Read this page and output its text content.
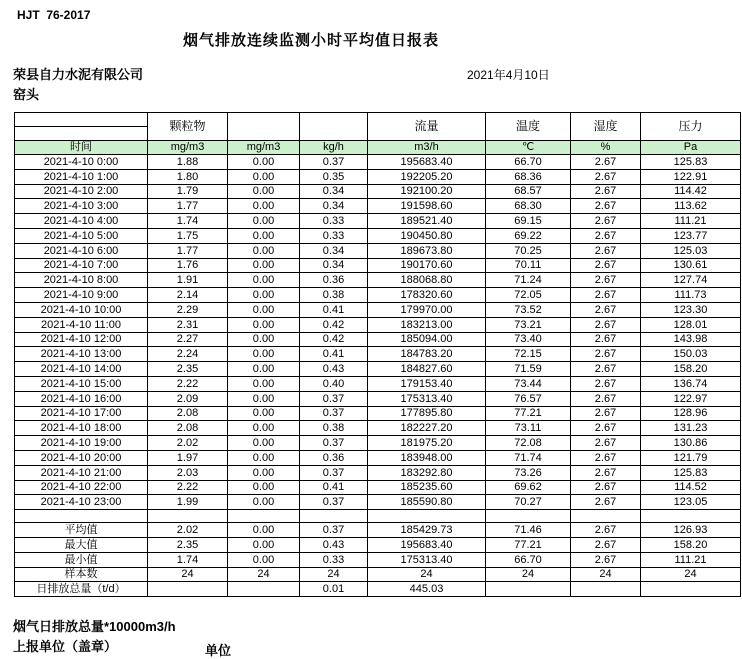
HJT  76-2017
烟气排放连续监测小时平均值日报表
荣县自力水泥有限公司	2021年4月10日
窑头
	颗粒物			流量	温度	湿度	压力
时间	mg/m3	mg/m3	kg/h	m3/h	℃	%	Pa
2021-4-10 0:00	1.88	0.00	0.37	195683.40	66.70	2.67	125.83
2021-4-10 1:00	1.80	0.00	0.35	192205.20	68.36	2.67	122.91
2021-4-10 2:00	1.79	0.00	0.34	192100.20	68.57	2.67	114.42
2021-4-10 3:00	1.77	0.00	0.34	191598.60	68.30	2.67	113.62
2021-4-10 4:00	1.74	0.00	0.33	189521.40	69.15	2.67	111.21
2021-4-10 5:00	1.75	0.00	0.33	190450.80	69.22	2.67	123.77
2021-4-10 6:00	1.77	0.00	0.34	189673.80	70.25	2.67	125.03
2021-4-10 7:00	1.76	0.00	0.34	190170.60	70.11	2.67	130.61
2021-4-10 8:00	1.91	0.00	0.36	188068.80	71.24	2.67	127.74
2021-4-10 9:00	2.14	0.00	0.38	178320.60	72.05	2.67	111.73
2021-4-10 10:00	2.29	0.00	0.41	179970.00	73.52	2.67	123.30
2021-4-10 11:00	2.31	0.00	0.42	183213.00	73.21	2.67	128.01
2021-4-10 12:00	2.27	0.00	0.42	185094.00	73.40	2.67	143.98
2021-4-10 13:00	2.24	0.00	0.41	184783.20	72.15	2.67	150.03
2021-4-10 14:00	2.35	0.00	0.43	184827.60	71.59	2.67	158.20
2021-4-10 15:00	2.22	0.00	0.40	179153.40	73.44	2.67	136.74
2021-4-10 16:00	2.09	0.00	0.37	175313.40	76.57	2.67	122.97
2021-4-10 17:00	2.08	0.00	0.37	177895.80	77.21	2.67	128.96
2021-4-10 18:00	2.08	0.00	0.38	182227.20	73.11	2.67	131.23
2021-4-10 19:00	2.02	0.00	0.37	181975.20	72.08	2.67	130.86
2021-4-10 20:00	1.97	0.00	0.36	183948.00	71.74	2.67	121.79
2021-4-10 21:00	2.03	0.00	0.37	183292.80	73.26	2.67	125.83
2021-4-10 22:00	2.22	0.00	0.41	185235.60	69.62	2.67	114.52
2021-4-10 23:00	1.99	0.00	0.37	185590.80	70.27	2.67	123.05

平均值	2.02	0.00	0.37	185429.73	71.46	2.67	126.93
最大值	2.35	0.00	0.43	195683.40	77.21	2.67	158.20
最小值	1.74	0.00	0.33	175313.40	66.70	2.67	111.21
样本数	24	24	24	24	24	24	24
日排放总量（t/d）			0.01	445.03			
烟气日排放总量*10000m3/h
上报单位（盖章）	单位
